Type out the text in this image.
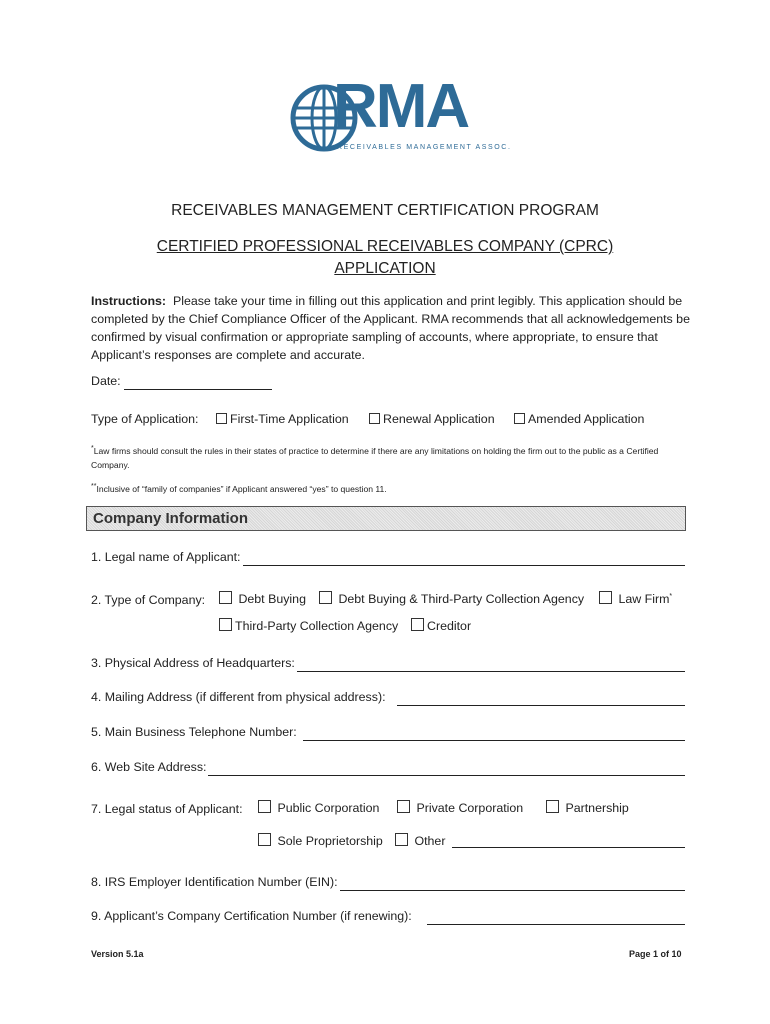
RMA
RECEIVABLES MANAGEMENT ASSOC.
RECEIVABLES MANAGEMENT CERTIFICATION PROGRAM
CERTIFIED PROFESSIONAL RECEIVABLES COMPANY (CPRC)
APPLICATION
Instructions: Please take your time in filling out this application and print legibly. This application should be completed by the Chief Compliance Officer of the Applicant. RMA recommends that all acknowledgements be confirmed by visual confirmation or appropriate sampling of accounts, where appropriate, to ensure that Applicant’s responses are complete and accurate.
Date:
Type of Application:	First-Time Application	Renewal Application	Amended Application
*Law firms should consult the rules in their states of practice to determine if there are any limitations on holding the firm out to the public as a Certified Company.
**Inclusive of “family of companies” if Applicant answered “yes” to question 11.
Company Information
1. Legal name of Applicant:
2. Type of Company:	Debt Buying	Debt Buying & Third-Party Collection Agency	Law Firm*
Third-Party Collection Agency	Creditor
3. Physical Address of Headquarters:
4. Mailing Address (if different from physical address):
5. Main Business Telephone Number:
6. Web Site Address:
7. Legal status of Applicant:	Public Corporation	Private Corporation	Partnership
Sole Proprietorship	Other
8. IRS Employer Identification Number (EIN):
9. Applicant’s Company Certification Number (if renewing):
Version 5.1a	Page 1 of 10
